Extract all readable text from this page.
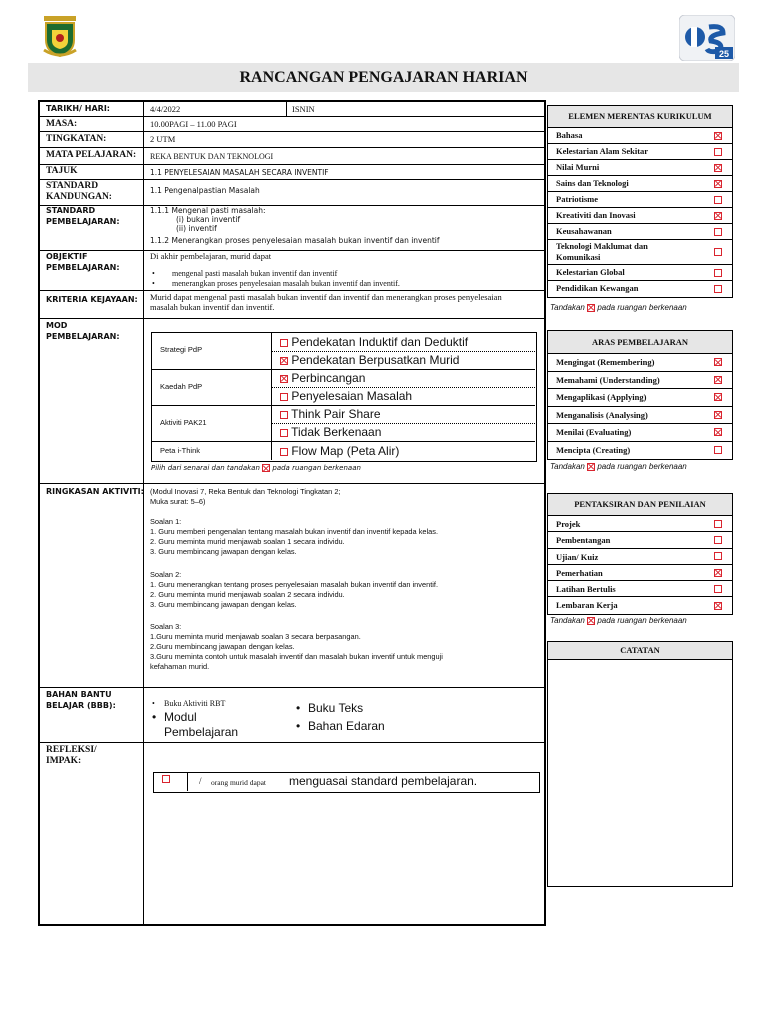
25
RANCANGAN PENGAJARAN HARIAN
TARIKH/ HARI:	4/4/2022	ISNIN
MASA:	10.00PAGI – 11.00 PAGI
TINGKATAN:	2 UTM
MATA PELAJARAN: REKA BENTUK DAN TEKNOLOGI
TAJUK	1.1 PENYELESAIAN MASALAH SECARA INVENTIF
STANDARD
KANDUNGAN:
1.1 Pengenalpastian Masalah
STANDARD
PEMBELAJARAN:
1.1.1 Mengenal pasti masalah:
(i) bukan inventif
(ii) inventif
1.1.2 Menerangkan proses penyelesaian masalah bukan inventif dan inventif
OBJEKTIF
PEMBELAJARAN:
Di akhir pembelajaran, murid dapat
• mengenal pasti masalah bukan inventif dan inventif
• menerangkan proses penyelesaian masalah bukan inventif dan inventif.
KRITERIA KEJAYAAN: Murid dapat mengenal pasti masalah bukan inventif dan inventif dan menerangkan proses penyelesaian masalah bukan inventif dan inventif.
MOD
PEMBELAJARAN:
Strategi PdP
Kaedah PdP
Aktiviti PAK21
Peta i-Think
Pendekatan Induktif dan Deduktif
Pendekatan Berpusatkan Murid
Perbincangan
Penyelesaian Masalah
Think Pair Share
Tidak Berkenaan
Flow Map (Peta Alir)
Pilih dari senarai dan tandakan pada ruangan berkenaan
RINGKASAN AKTIVITI: (Modul Inovasi 7, Reka Bentuk dan Teknologi Tingkatan 2;
Muka surat: 5–6)
Soalan 1:
1. Guru memberi pengenalan tentang masalah bukan inventif dan inventif kepada kelas.
2. Guru meminta murid menjawab soalan 1 secara individu.
3. Guru membincang jawapan dengan kelas.
Soalan 2:
1. Guru menerangkan tentang proses penyelesaian masalah bukan inventif dan inventif.
2. Guru meminta murid menjawab soalan 2 secara individu.
3. Guru membincang jawapan dengan kelas.
Soalan 3:
1.Guru meminta murid menjawab soalan 3 secara berpasangan.
2.Guru membincang jawapan dengan kelas.
3.Guru meminta contoh untuk masalah inventif dan masalah bukan inventif untuk menguji
kefahaman murid.
BAHAN BANTU
BELAJAR (BBB):
•	Buku Aktiviti RBT
• Modul Pembelajaran
• Buku Teks
• Bahan Edaran
REFLEKSI/
IMPAK:
/ orang murid dapat menguasai standard pembelajaran.
ELEMEN MERENTAS KURIKULUM
Bahasa
Kelestarian Alam Sekitar
Nilai Murni
Sains dan Teknologi
Patriotisme
Kreativiti dan Inovasi
Keusahawanan
Teknologi Maklumat dan Komunikasi
Kelestarian Global
Pendidikan Kewangan
Tandakan pada ruangan berkenaan
ARAS PEMBELAJARAN
Mengingat (Remembering)
Memahami (Understanding)
Mengaplikasi (Applying)
Menganalisis (Analysing)
Menilai (Evaluating)
Mencipta (Creating)
Tandakan pada ruangan berkenaan
PENTAKSIRAN DAN PENILAIAN
Projek
Pembentangan
Ujian/ Kuiz
Pemerhatian
Latihan Bertulis
Lembaran Kerja
Tandakan pada ruangan berkenaan
CATATAN
